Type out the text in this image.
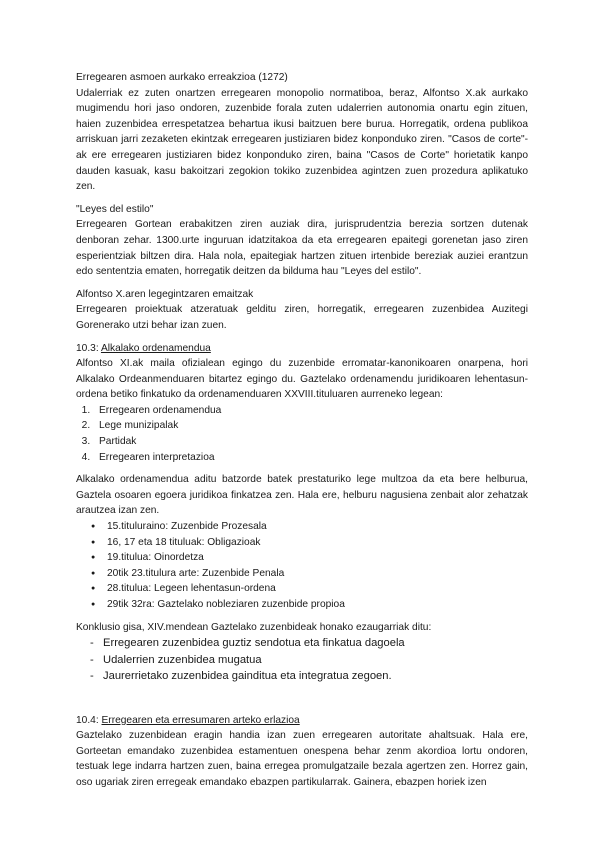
Erregearen asmoen aurkako erreakzioa (1272)

Udalerriak ez zuten onartzen erregearen monopolio normatiboa, beraz, Alfontso X.ak aurkako mugimendu hori jaso ondoren, zuzenbide forala zuten udalerrien autonomia onartu egin zituen, haien zuzenbidea errespetatzea behartua ikusi baitzuen bere burua. Horregatik, ordena publikoa arriskuan jarri zezaketen ekintzak erregearen justiziaren bidez konponduko ziren. "Casos de corte"-ak ere erregearen justiziaren bidez konponduko ziren, baina "Casos de Corte" horietatik kanpo dauden kasuak, kasu bakoitzari zegokion tokiko zuzenbidea agintzen zuen prozedura aplikatuko zen.

"Leyes del estilo"

Erregearen Gortean erabakitzen ziren auziak dira, jurisprudentzia berezia sortzen dutenak denboran zehar. 1300.urte inguruan idatzitakoa da eta erregearen epaitegi gorenetan jaso ziren esperientziak biltzen dira. Hala nola, epaitegiak hartzen zituen irtenbide bereziak auziei erantzun edo sententzia ematen, horregatik deitzen da bilduma hau "Leyes del estilo".

Alfontso X.aren legegintzaren emaitzak

Erregearen proiektuak atzeratuak gelditu ziren, horregatik, erregearen zuzenbidea Auzitegi Gorenerako utzi behar izan zuen.

10.3: Alkalako ordenamendua

Alfontso XI.ak maila ofizialean egingo du zuzenbide erromatar-kanonikoaren onarpena, hori Alkalako Ordeanmenduaren bitartez egingo du. Gaztelako ordenamendu juridikoaren lehentasun-ordena betiko finkatuko da ordenamenduaren XXVIII.tituluaren aurreneko legean:

1. Erregearen ordenamendua
2. Lege munizipalak
3. Partidak
4. Erregearen interpretazioa

Alkalako ordenamendua aditu batzorde batek prestaturiko lege multzoa da eta bere helburua, Gaztela osoaren egoera juridikoa finkatzea zen. Hala ere, helburu nagusiena zenbait alor zehatzak arautzea izan zen.

● 15.tituluraino: Zuzenbide Prozesala
● 16, 17 eta 18 tituluak: Obligazioak
● 19.titulua: Oinordetza
● 20tik 23.titulura arte: Zuzenbide Penala
● 28.titulua: Legeen lehentasun-ordena
● 29tik 32ra: Gaztelako nobleziaren zuzenbide propioa

Konklusio gisa, XIV.mendean Gaztelako zuzenbideak honako ezaugarriak ditu:

- Erregearen zuzenbidea guztiz sendotua eta finkatua dagoela
- Udalerrien zuzenbidea mugatua
- Jaurerrietako zuzenbidea gainditua eta integratua zegoen.

10.4: Erregearen eta erresumaren arteko erlazioa

Gaztelako zuzenbidean eragin handia izan zuen erregearen autoritate ahaltsuak. Hala ere, Gorteetan emandako zuzenbidea estamentuen onespena behar zenm akordioa lortu ondoren, testuak lege indarra hartzen zuen, baina erregea promulgatzaile bezala agertzen zen. Horrez gain, oso ugariak ziren erregeak emandako ebazpen partikularrak. Gainera, ebazpen horiek izen
